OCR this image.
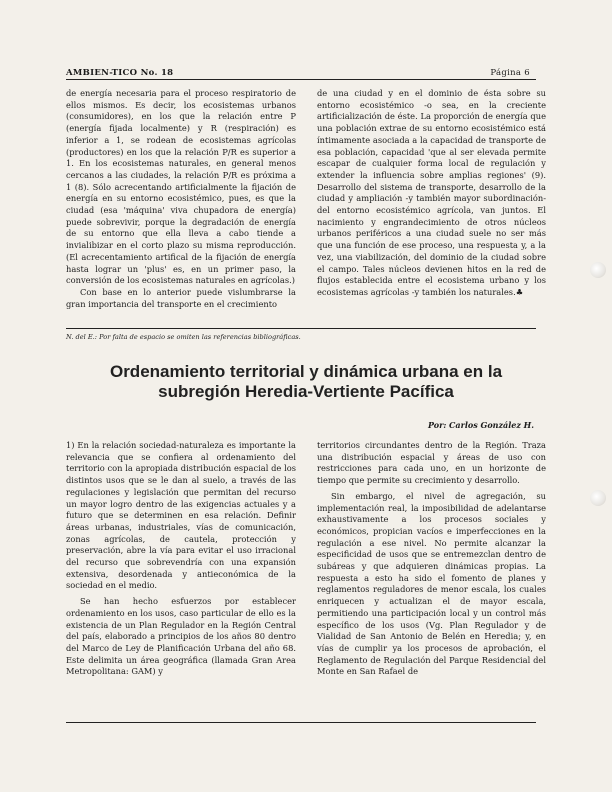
AMBIEN-TICO No. 18	Página 6

de energía necesaria para el proceso respiratorio de ellos mismos. Es decir, los ecosistemas urbanos (consumidores), en los que la relación entre P (energía fijada localmente) y R (respiración) es inferior a 1, se rodean de ecosistemas agrícolas (productores) en los que la relación P/R es superior a 1. En los ecosistemas naturales, en general menos cercanos a las ciudades, la relación P/R es próxima a 1 (8). Sólo acrecentando artificialmente la fijación de energía en su entorno ecosistémico, pues, es que la ciudad (esa 'máquina' viva chupadora de energía) puede sobrevivir, porque la degradación de energía de su entorno que ella lleva a cabo tiende a invialibizar en el corto plazo su misma reproducción. (El acrecentamiento artifical de la fijación de energía hasta lograr un 'plus' es, en un primer paso, la conversión de los ecosistemas naturales en agrícolas.)

Con base en lo anterior puede vislumbrarse la gran importancia del transporte en el crecimiento

de una ciudad y en el dominio de ésta sobre su entorno ecosistémico -o sea, en la creciente artificialización de éste. La proporción de energía que una población extrae de su entorno ecosistémico está íntimamente asociada a la capacidad de transporte de esa población, capacidad 'que al ser elevada permite escapar de cualquier forma local de regulación y extender la influencia sobre amplias regiones' (9). Desarrollo del sistema de transporte, desarrollo de la ciudad y ampliación -y también mayor subordinación- del entorno ecosistémico agrícola, van juntos. El nacimiento y engrandecimiento de otros núcleos urbanos periféricos a una ciudad suele no ser más que una función de ese proceso, una respuesta y, a la vez, una viabilización, del dominio de la ciudad sobre el campo. Tales núcleos devienen hitos en la red de flujos establecida entre el ecosistema urbano y los ecosistemas agrícolas -y también los naturales.♣

N. del E.: Por falta de espacio se omiten las referencias bibliográficas.
Ordenamiento territorial y dinámica urbana en la
subregión Heredia-Vertiente Pacífica
Por: Carlos González H.

1) En la relación sociedad-naturaleza es importante la relevancia que se confiera al ordenamiento del territorio con la apropiada distribución espacial de los distintos usos que se le dan al suelo, a través de las regulaciones y legislación que permitan del recurso un mayor logro dentro de las exigencias actuales y a futuro que se determinen en esa relación. Definir áreas urbanas, industriales, vías de comunicación, zonas agrícolas, de cautela, protección y preservación, abre la vía para evitar el uso irracional del recurso que sobrevendría con una expansión extensiva, desordenada y antieconómica de la sociedad en el medio.

Se han hecho esfuerzos por establecer ordenamiento en los usos, caso particular de ello es la existencia de un Plan Regulador en la Región Central del país, elaborado a principios de los años 80 dentro del Marco de Ley de Planificación Urbana del año 68. Este delimita un área geográfica (llamada Gran Area Metropolitana: GAM) y

territorios circundantes dentro de la Región. Traza una distribución espacial y áreas de uso con restricciones para cada uno, en un horizonte de tiempo que permite su crecimiento y desarrollo.

Sin embargo, el nivel de agregación, su implementación real, la imposibilidad de adelantarse exhaustivamente a los procesos sociales y económicos, propician vacíos e imperfecciones en la regulación a ese nivel. No permite alcanzar la especificidad de usos que se entremezclan dentro de subáreas y que adquieren dinámicas propias. La respuesta a esto ha sido el fomento de planes y reglamentos reguladores de menor escala, los cuales enriquecen y actualizan el de mayor escala, permitiendo una participación local y un control más específico de los usos (Vg. Plan Regulador y de Vialidad de San Antonio de Belén en Heredia; y, en vías de cumplir ya los procesos de aprobación, el Reglamento de Regulación del Parque Residencial del Monte en San Rafael de
